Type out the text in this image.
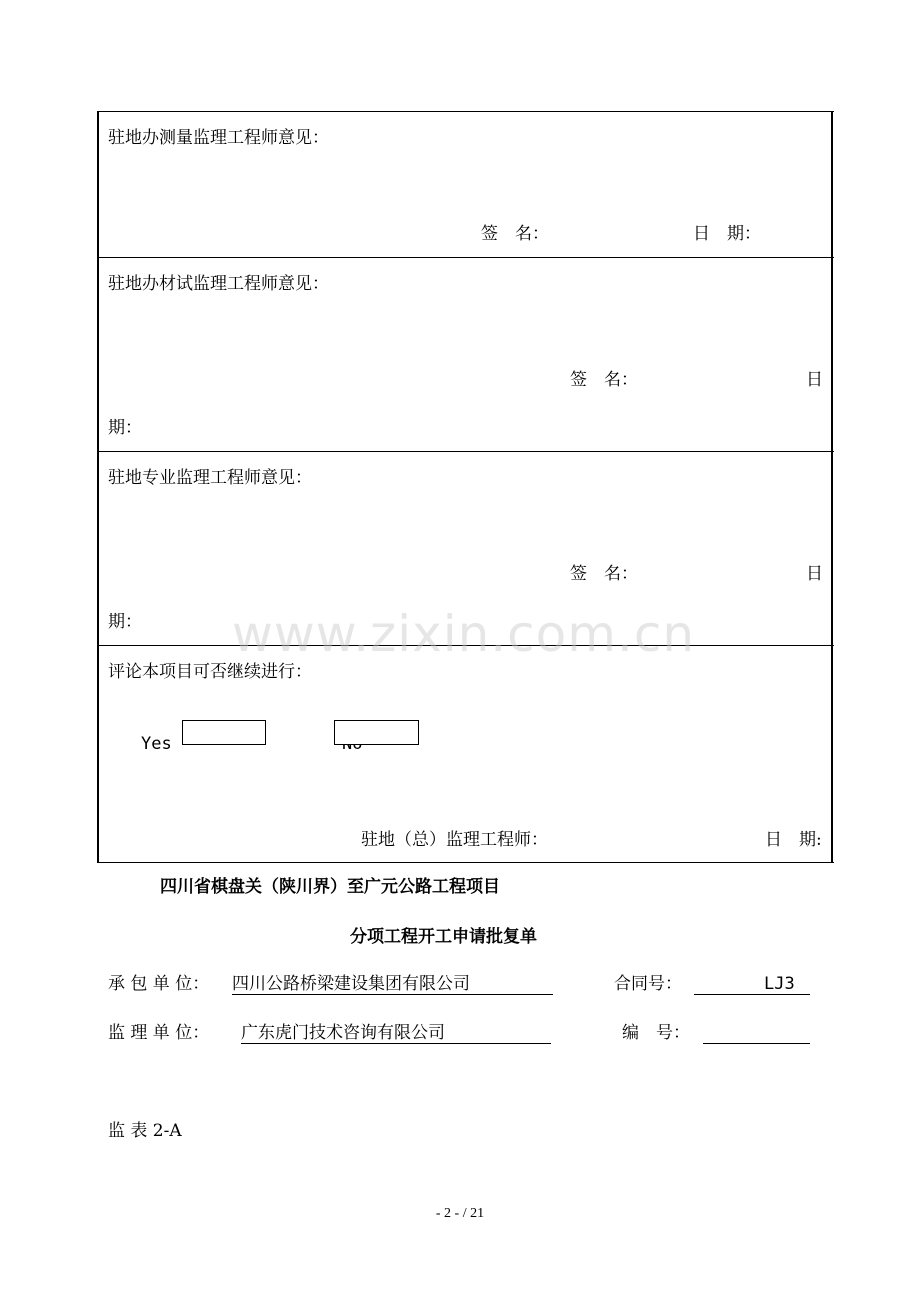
驻地办测量监理工程师意见：
签　名：	日　期：
驻地办材试监理工程师意见：
签　名：	日
期：
驻地专业监理工程师意见：
签　名：	日
期：
评论本项目可否继续进行：
Yes
驻地（总）监理工程师：	日　期:
www.zixin.com.cn
四川省棋盘关（陕川界）至广元公路工程项目
分项工程开工申请批复单
承 包 单 位： 四川公路桥梁建设集团有限公司	合同号：	LJ3
监 理 单 位： 广东虎门技术咨询有限公司	编　号：
监 表 2-A
- 2 - / 21
